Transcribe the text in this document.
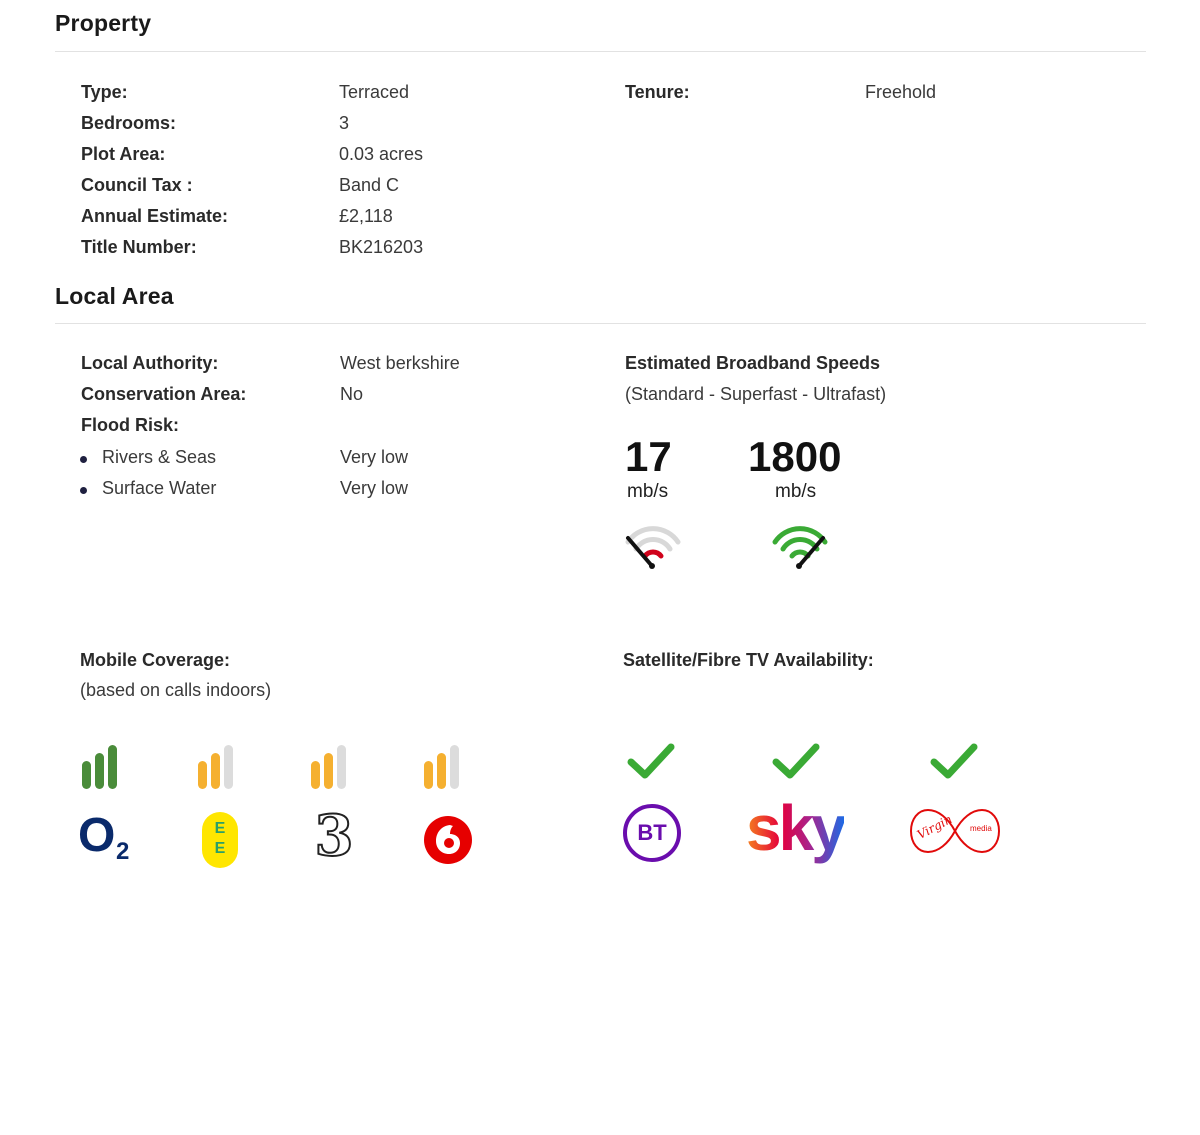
Property
Type:	Terraced
Bedrooms:	3
Plot Area:	0.03 acres
Council Tax :	Band C
Annual Estimate:	£2,118
Title Number:	BK216203
Tenure:	Freehold
Local Area
Local Authority:	West berkshire
Conservation Area:	No
Flood Risk:
Rivers & Seas	Very low
Surface Water	Very low
Estimated Broadband Speeds
(Standard - Superfast - Ultrafast)
17
mb/s
1800
mb/s
Mobile Coverage:
(based on calls indoors)
O 2
E
E 3
Satellite/Fibre TV Availability:
BT sky	Virgin media
